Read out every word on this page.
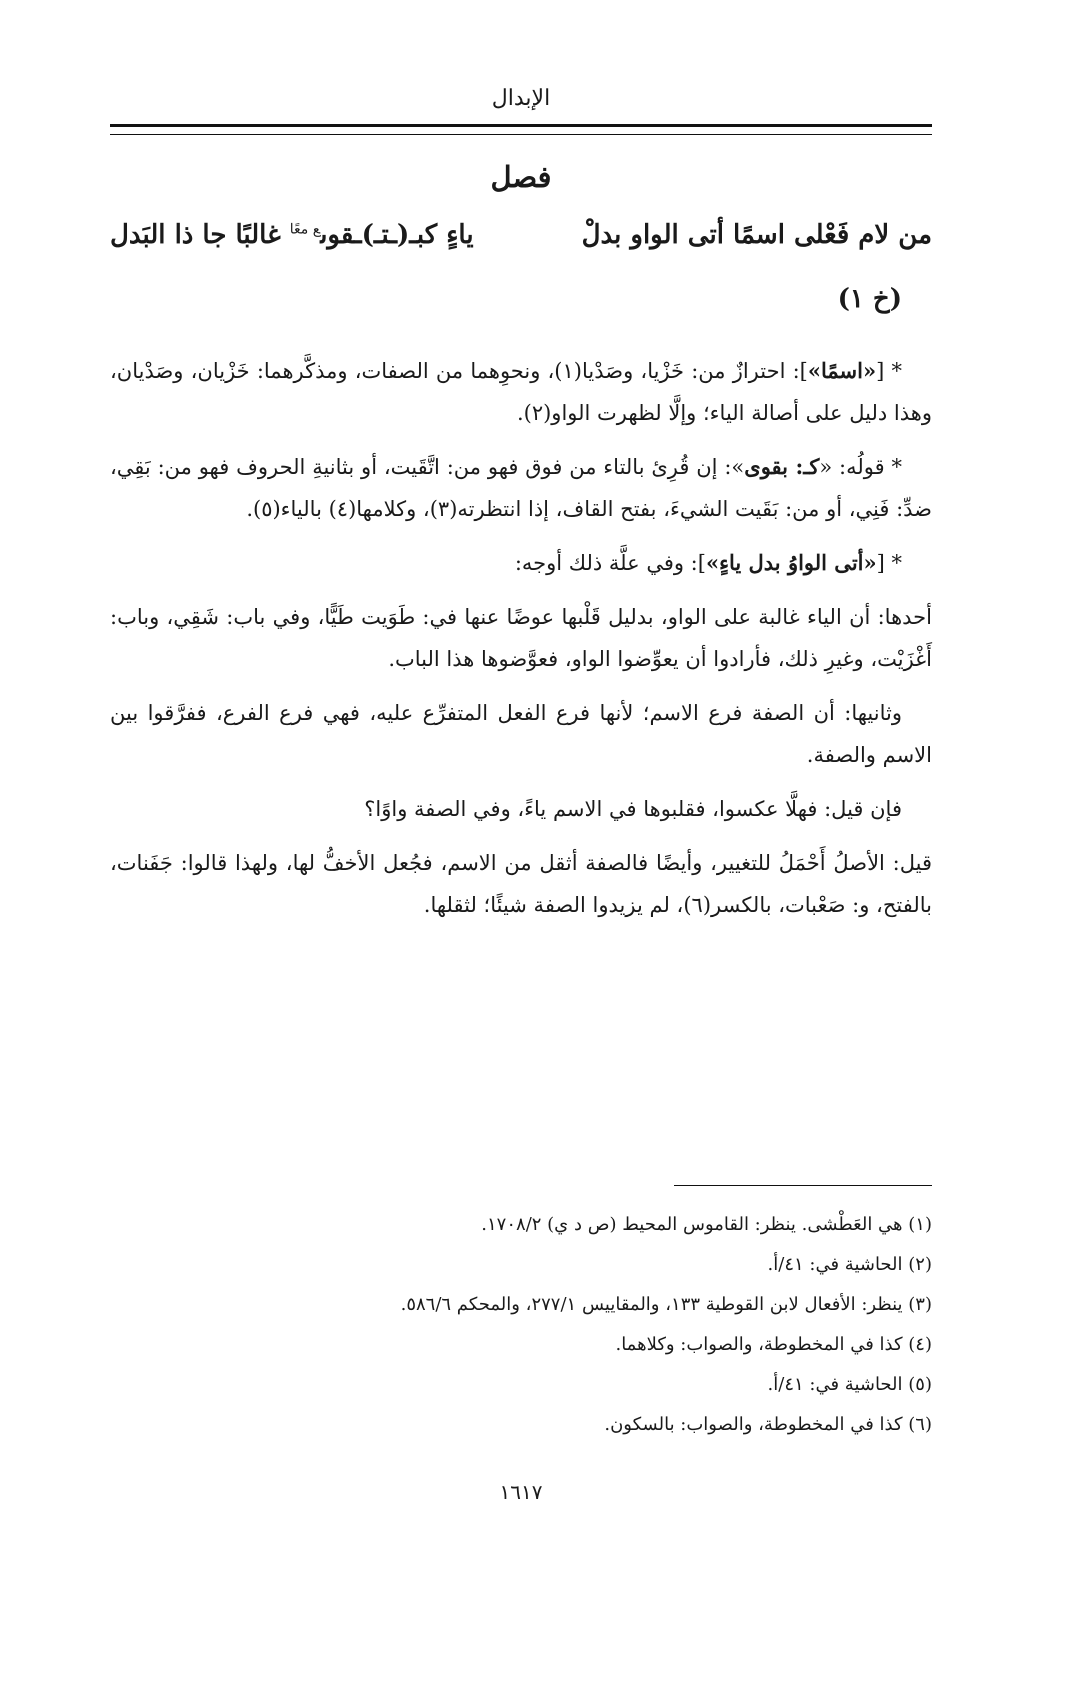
الإبدال
فصل
من لام فَعْلى اسمًا أتى الواو بدلْ
ياءٍ كبـ(ـتـ)ـقوى$^{ع معًا}$ غالبًا جا ذا البَدل
(خ ١)

* [«اسمًا»]: احترازٌ من: خَزْيا، وصَدْيا(١)، ونحوِهما من الصفات، ومذكَّرهما: خَزْيان، وصَدْيان، وهذا دليل على أصالة الياء؛ وإلَّا لظهرت الواو(٢).

* قولُه: «كـ: بقوى»: إن قُرِئ بالتاء من فوق فهو من: اتَّقَيت، أو بثانيةِ الحروف فهو من: بَقِي، ضدِّ: فَنِي، أو من: بَقَيت الشيءَ، بفتح القاف، إذا انتظرته(٣)، وكلامها(٤) بالياء(٥).

* [«أتى الواوُ بدل ياءٍ»]: وفي علَّة ذلك أوجه:

أحدها: أن الياء غالبة على الواو، بدليل قَلْبها عوضًا عنها في: طَوَيت طَيًّا، وفي باب: شَقِي، وباب: أَغْزَيْت، وغيرِ ذلك، فأرادوا أن يعوِّضوا الواو، فعوَّضوها هذا الباب.

وثانيها: أن الصفة فرع الاسم؛ لأنها فرع الفعل المتفرِّع عليه، فهي فرع الفرع، ففرَّقوا بين الاسم والصفة.

فإن قيل: فهلَّا عكسوا، فقلبوها في الاسم ياءً، وفي الصفة واوًا؟

قيل: الأصلُ أَحْمَلُ للتغيير، وأيضًا فالصفة أثقل من الاسم، فجُعل الأخفُّ لها، ولهذا قالوا: جَفَنات، بالفتح، و: صَعْبات، بالكسر(٦)، لم يزيدوا الصفة شيئًا؛ لثقلها.

(١) هي العَطْشى. ينظر: القاموس المحيط (ص د ي) ١٧٠٨/٢.
(٢) الحاشية في: ٤١/أ.
(٣) ينظر: الأفعال لابن القوطية ١٣٣، والمقاييس ٢٧٧/١، والمحكم ٥٨٦/٦.
(٤) كذا في المخطوطة، والصواب: وكلاهما.
(٥) الحاشية في: ٤١/أ.
(٦) كذا في المخطوطة، والصواب: بالسكون.
١٦١٧
